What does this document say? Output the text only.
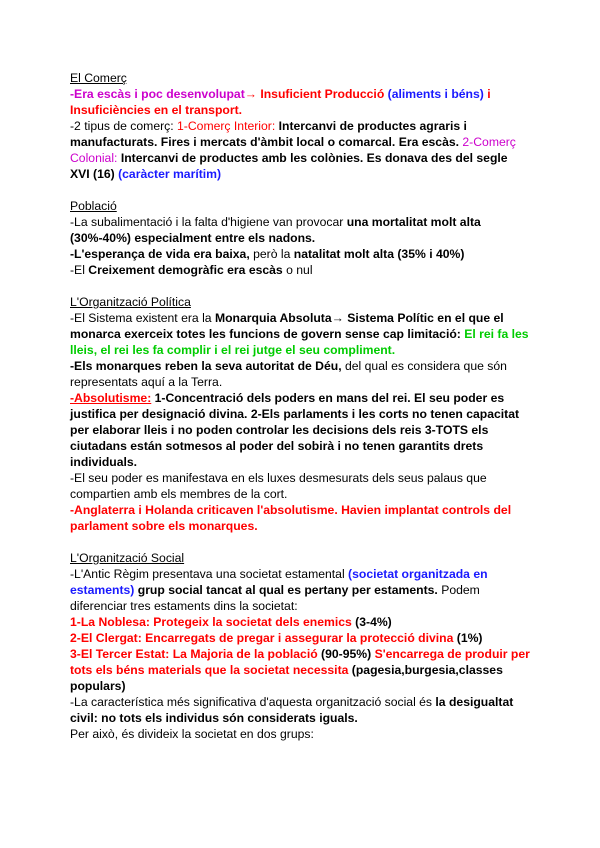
El Comerç

-Era escàs i poc desenvolupat→ Insuficient Producció (aliments i béns) i Insuficiències en el transport.

-2 tipus de comerç: 1-Comerç Interior: Intercanvi de productes agraris i manufacturats. Fires i mercats d'àmbit local o comarcal. Era escàs. 2-Comerç Colonial: Intercanvi de productes amb les colònies. Es donava des del segle XVI (16) (caràcter marítim)

Població

-La subalimentació i la falta d'higiene van provocar una mortalitat molt alta (30%-40%) especialment entre els nadons.

-L'esperança de vida era baixa, però la natalitat molt alta (35% i 40%)

-El Creixement demogràfic era escàs o nul

L'Organització Política

-El Sistema existent era la Monarquia Absoluta→ Sistema Polític en el que el monarca exerceix totes les funcions de govern sense cap limitació: El rei fa les lleis, el rei les fa complir i el rei jutge el seu compliment.

-Els monarques reben la seva autoritat de Déu, del qual es considera que són representats aquí a la Terra.

-Absolutisme: 1-Concentració dels poders en mans del rei. El seu poder es justifica per designació divina. 2-Els parlaments i les corts no tenen capacitat per elaborar lleis i no poden controlar les decisions dels reis 3-TOTS els ciutadans están sotmesos al poder del sobirà i no tenen garantits drets individuals.

-El seu poder es manifestava en els luxes desmesurats dels seus palaus que compartien amb els membres de la cort.

-Anglaterra i Holanda criticaven l'absolutisme. Havien implantat controls del parlament sobre els monarques.

L'Organització Social

-L'Antic Règim presentava una societat estamental (societat organitzada en estaments) grup social tancat al qual es pertany per estaments. Podem diferenciar tres estaments dins la societat:

1-La Noblesa: Protegeix la societat dels enemics (3-4%)

2-El Clergat: Encarregats de pregar i assegurar la protecció divina (1%)

3-El Tercer Estat: La Majoria de la població (90-95%) S'encarrega de produir per tots els béns materials que la societat necessita (pagesia,burgesia,classes populars)

-La característica més significativa d'aquesta organització social és la desigualtat civil: no tots els individus són considerats iguals.

Per això, és divideix la societat en dos grups:
